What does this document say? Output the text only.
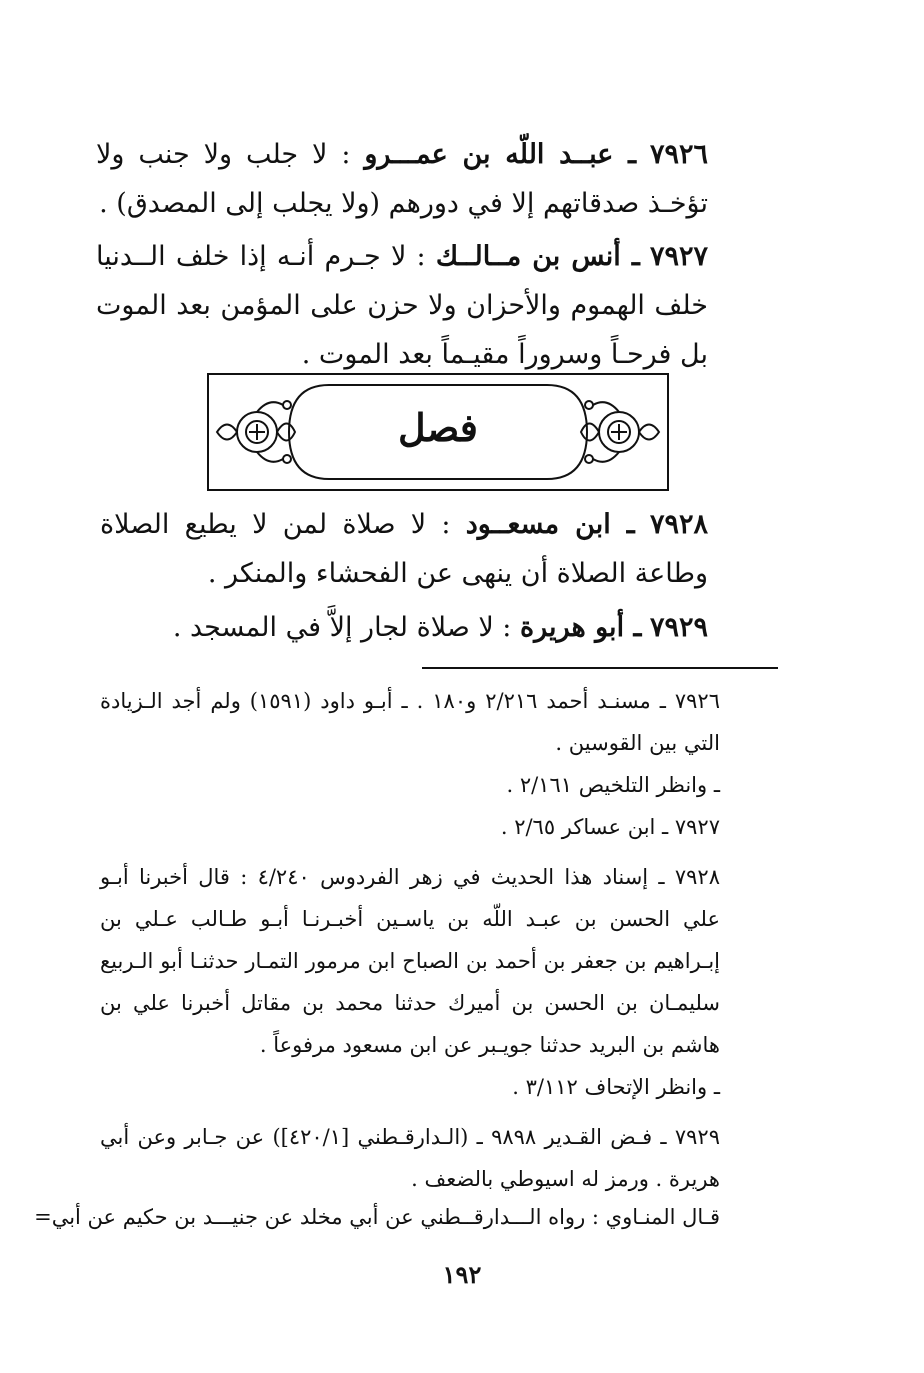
٧٩٢٦ ـ عبــد اللّه بن عمـــرو : لا جلب ولا جنب ولا تؤخـذ صدقاتهم إلا في دورهم (ولا يجلب إلى المصدق) .
٧٩٢٧ ـ أنس بن مــالــك : لا جـرم أنـه إذا خلف الــدنيا خلف الهموم والأحزان ولا حزن على المؤمن بعد الموت بل فرحـاً وسروراً مقيـماً بعد الموت .
فصل
٧٩٢٨ ـ ابن مسعــود : لا صلاة لمن لا يطيع الصلاة وطاعة الصلاة أن ينهى عن الفحشاء والمنكر .
٧٩٢٩ ـ أبو هريرة : لا صلاة لجار إلاَّ في المسجد .
٧٩٢٦ ـ مسنـد أحمد ٢/٢١٦ و١٨٠ . ـ أبـو داود (١٥٩١) ولم أجد الـزيادة التي بين القوسين .
ـ وانظر التلخيص ٢/١٦١ .
٧٩٢٧ ـ ابن عساكر ٢/٦٥ .
٧٩٢٨ ـ إسناد هذا الحديث في زهر الفردوس ٤/٢٤٠ : قال أخبرنا أبـو علي الحسن بن عبـد اللّه بن ياسـين أخبـرنـا أبـو طـالب عـلي بن إبـراهيم بن جعفر بن أحمد بن الصباح ابن مرمور التمـار حدثنـا أبو الـربيع سليمـان بن الحسن بن أميرك حدثنا محمد بن مقاتل أخبرنا علي بن هاشم بن البريد حدثنا جويـبر عن ابن مسعود مرفوعاً .
ـ وانظر الإتحاف ٣/١١٢ .
٧٩٢٩ ـ فـض القـدير ٩٨٩٨ ـ (الـدارقـطني [٤٢٠/١]) عن جـابر وعن أبي هريرة . ورمز له اسيوطي بالضعف .
قـال المنـاوي : رواه الـــدارقــطني عن أبي مخلد عن جنيـــد بن حكيم عن أبي=
١٩٢
